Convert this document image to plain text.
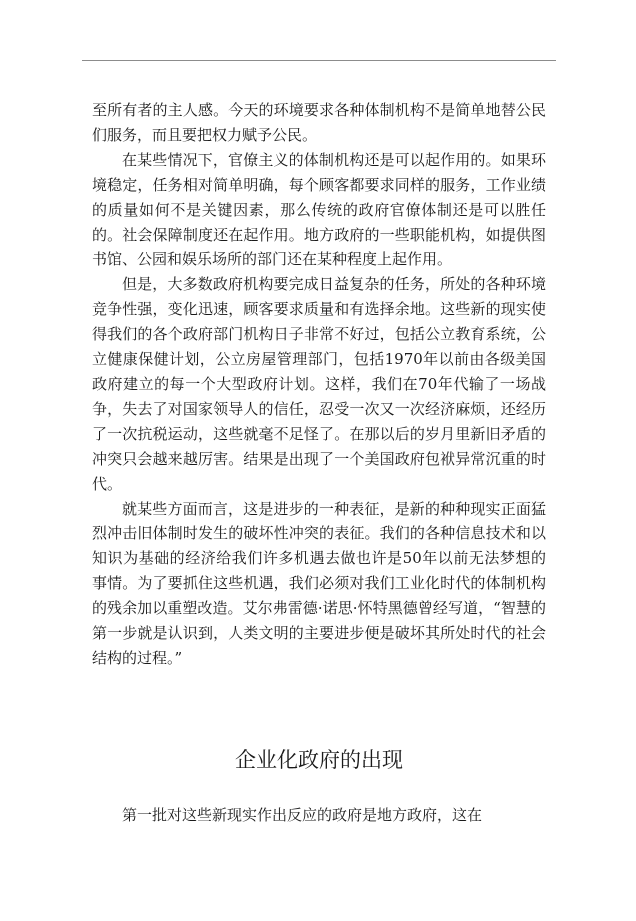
至所有者的主人感。今天的环境要求各种体制机构不是简单地替公民们服务，而且要把权力赋予公民。

在某些情况下，官僚主义的体制机构还是可以起作用的。如果环境稳定，任务相对简单明确，每个顾客都要求同样的服务，工作业绩的质量如何不是关键因素，那么传统的政府官僚体制还是可以胜任的。社会保障制度还在起作用。地方政府的一些职能机构，如提供图书馆、公园和娱乐场所的部门还在某种程度上起作用。

但是，大多数政府机构要完成日益复杂的任务，所处的各种环境竞争性强，变化迅速，顾客要求质量和有选择余地。这些新的现实使得我们的各个政府部门机构日子非常不好过，包括公立教育系统，公立健康保健计划，公立房屋管理部门，包括1970年以前由各级美国政府建立的每一个大型政府计划。这样，我们在70年代输了一场战争，失去了对国家领导人的信任，忍受一次又一次经济麻烦，还经历了一次抗税运动，这些就毫不足怪了。在那以后的岁月里新旧矛盾的冲突只会越来越厉害。结果是出现了一个美国政府包袱异常沉重的时代。

就某些方面而言，这是进步的一种表征，是新的种种现实正面猛烈冲击旧体制时发生的破坏性冲突的表征。我们的各种信息技术和以知识为基础的经济给我们许多机遇去做也许是50年以前无法梦想的事情。为了要抓住这些机遇，我们必须对我们工业化时代的体制机构的残余加以重塑改造。艾尔弗雷德·诺思·怀特黑德曾经写道，“智慧的第一步就是认识到，人类文明的主要进步便是破坏其所处时代的社会结构的过程。”

企业化政府的出现

第一批对这些新现实作出反应的政府是地方政府，这在
